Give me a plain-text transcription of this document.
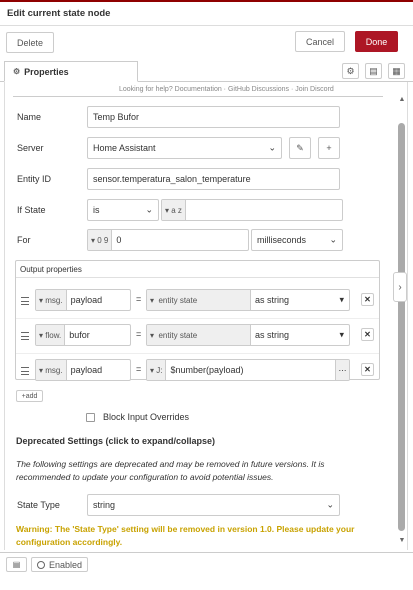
Edit current state node
Delete	Cancel	Done
⚙ Properties	⚙	▤	▦
Looking for help? Documentation · GitHub Discussions · Join Discord
Name	Temp Bufor
Server	Home Assistant	⌄ ✎	+
Entity ID	sensor.temperatura_salon_temperature
If State	is	⌄	▾ a z
For	▾ 0 9 0	milliseconds	⌄
Output properties
▾ msg. payload	=	▾ entity state	as string	▾	✕
▾ flow. bufor	=	▾ entity state	as string	▾	✕
▾ msg. payload	=	▾ J: $number(payload)	⋯	✕
+ add
Block Input Overrides
Deprecated Settings (click to expand/collapse)
The following settings are deprecated and may be removed in future versions. It is recommended to update your configuration to avoid potential issues.
State Type	string	⌄
Warning: The 'State Type' setting will be removed in version 1.0. Please update your configuration accordingly.
▲
▼
›
▤	Enabled
